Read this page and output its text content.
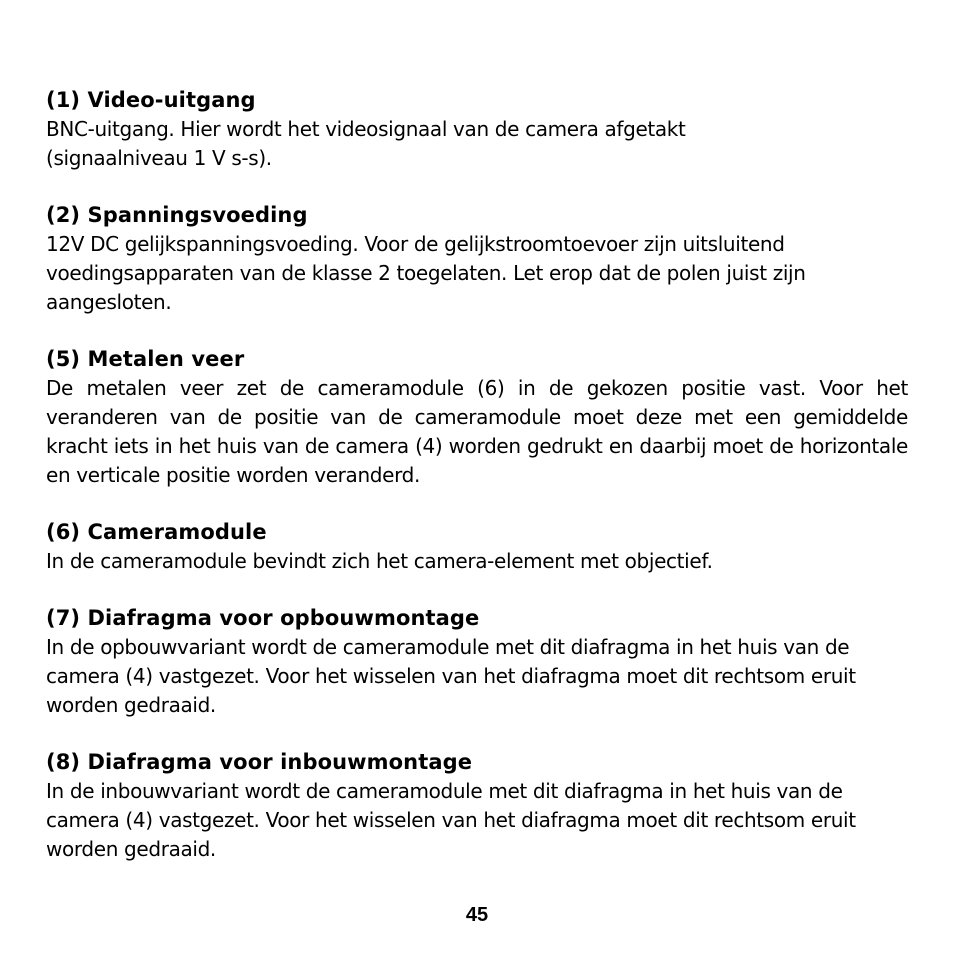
(1) Video-uitgang

BNC-uitgang. Hier wordt het videosignaal van de camera afgetakt (signaalniveau 1 V s-s).

(2) Spanningsvoeding

12V DC gelijkspanningsvoeding. Voor de gelijkstroomtoevoer zijn uitsluitend voedingsapparaten van de klasse 2 toegelaten. Let erop dat de polen juist zijn aangesloten.

(5) Metalen veer

De metalen veer zet de cameramodule (6) in de gekozen positie vast. Voor het veranderen van de positie van de cameramodule moet deze met een gemiddelde kracht iets in het huis van de camera (4) worden gedrukt en daarbij moet de horizontale en verticale positie worden veranderd.

(6) Cameramodule

In de cameramodule bevindt zich het camera-element met objectief.

(7) Diafragma voor opbouwmontage

In de opbouwvariant wordt de cameramodule met dit diafragma in het huis van de camera (4) vastgezet. Voor het wisselen van het diafragma moet dit rechtsom eruit worden gedraaid.

(8) Diafragma voor inbouwmontage

In de inbouwvariant wordt de cameramodule met dit diafragma in het huis van de camera (4) vastgezet. Voor het wisselen van het diafragma moet dit rechtsom eruit worden gedraaid.

45
